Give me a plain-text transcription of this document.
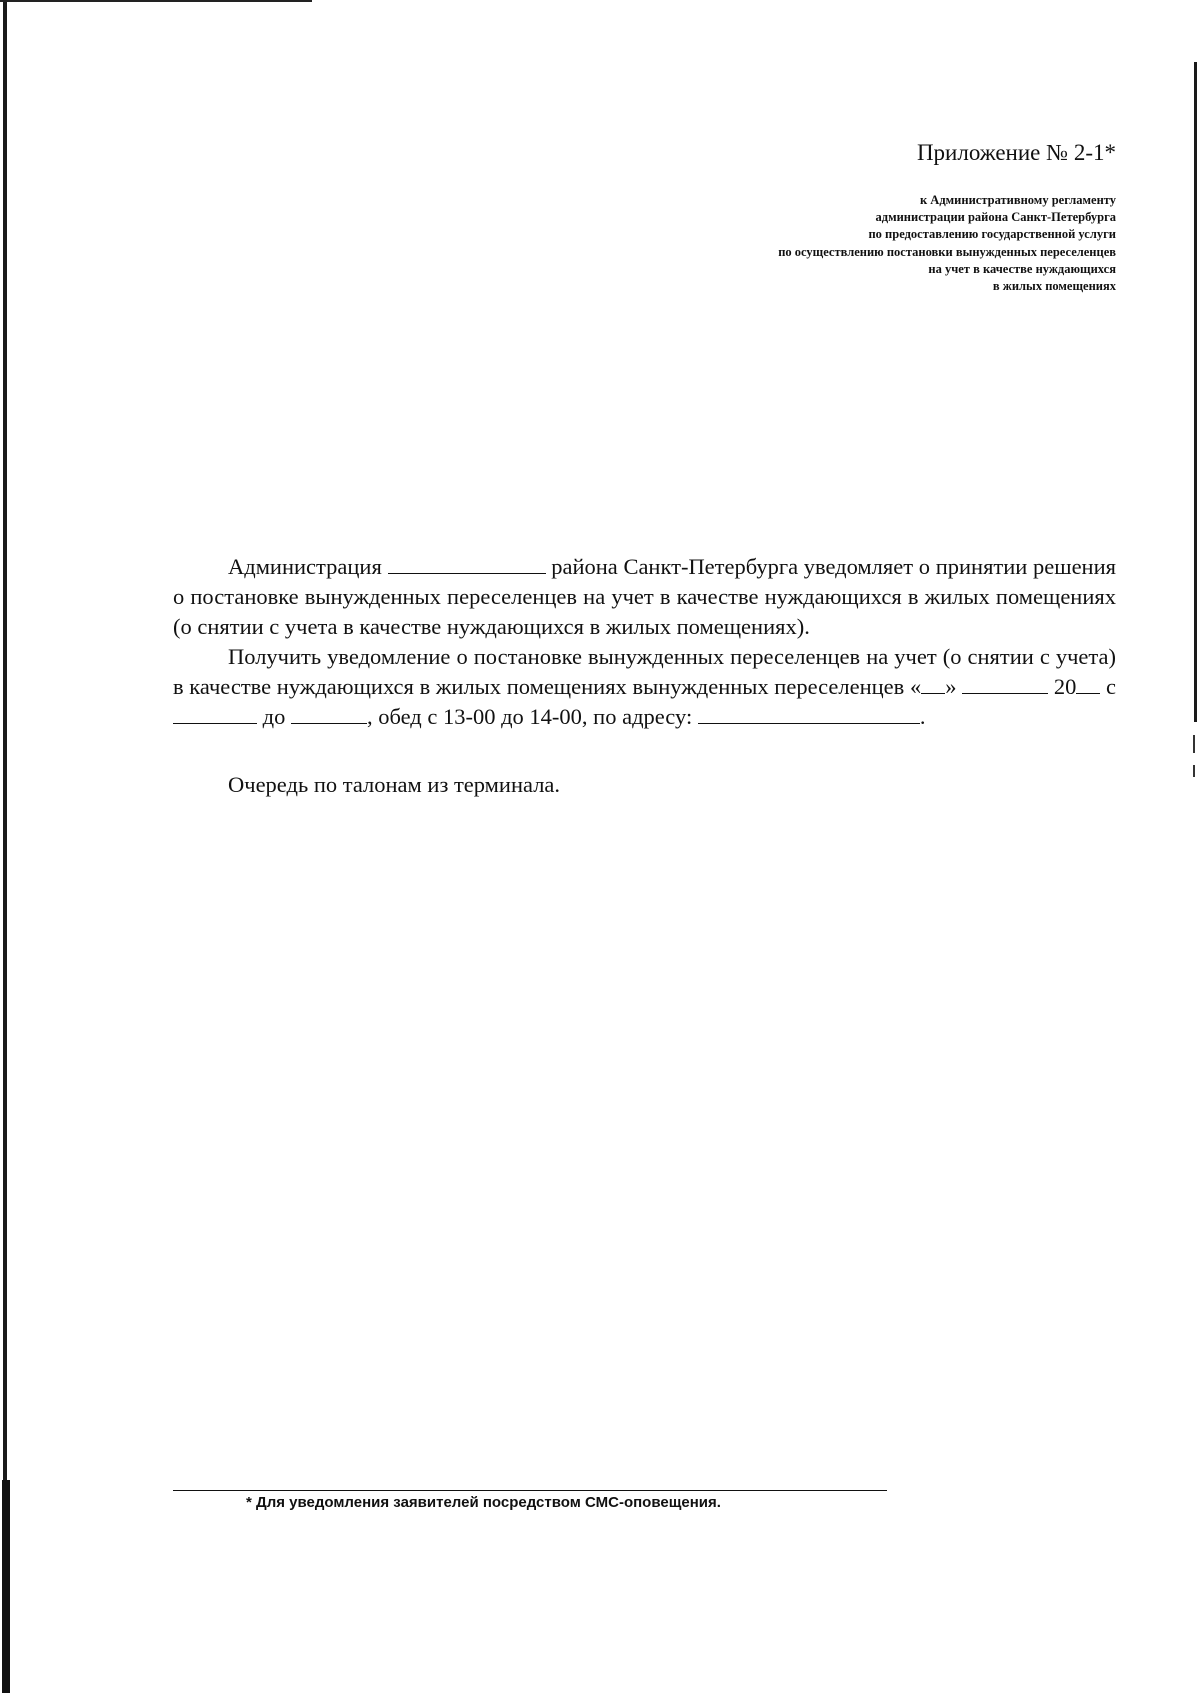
Приложение № 2-1*
к Административному регламенту
администрации района Санкт-Петербурга
по предоставлению государственной услуги
по осуществлению постановки вынужденных переселенцев
на учет в качестве нуждающихся
в жилых помещениях

Администрация	района Санкт-Петербурга уведомляет о принятии решения о постановке вынужденных переселенцев на учет в качестве нуждающихся в жилых помещениях (о снятии с учета в качестве нуждающихся в жилых помещениях).

Получить уведомление о постановке вынужденных переселенцев на учет (о снятии с учета) в качестве нуждающихся в жилых помещениях вынужденных переселенцев « »	20 с  до	, обед с 13-00 до 14-00, по адресу:	.

Очередь по талонам из терминала.
* Для уведомления заявителей посредством СМС-оповещения.
